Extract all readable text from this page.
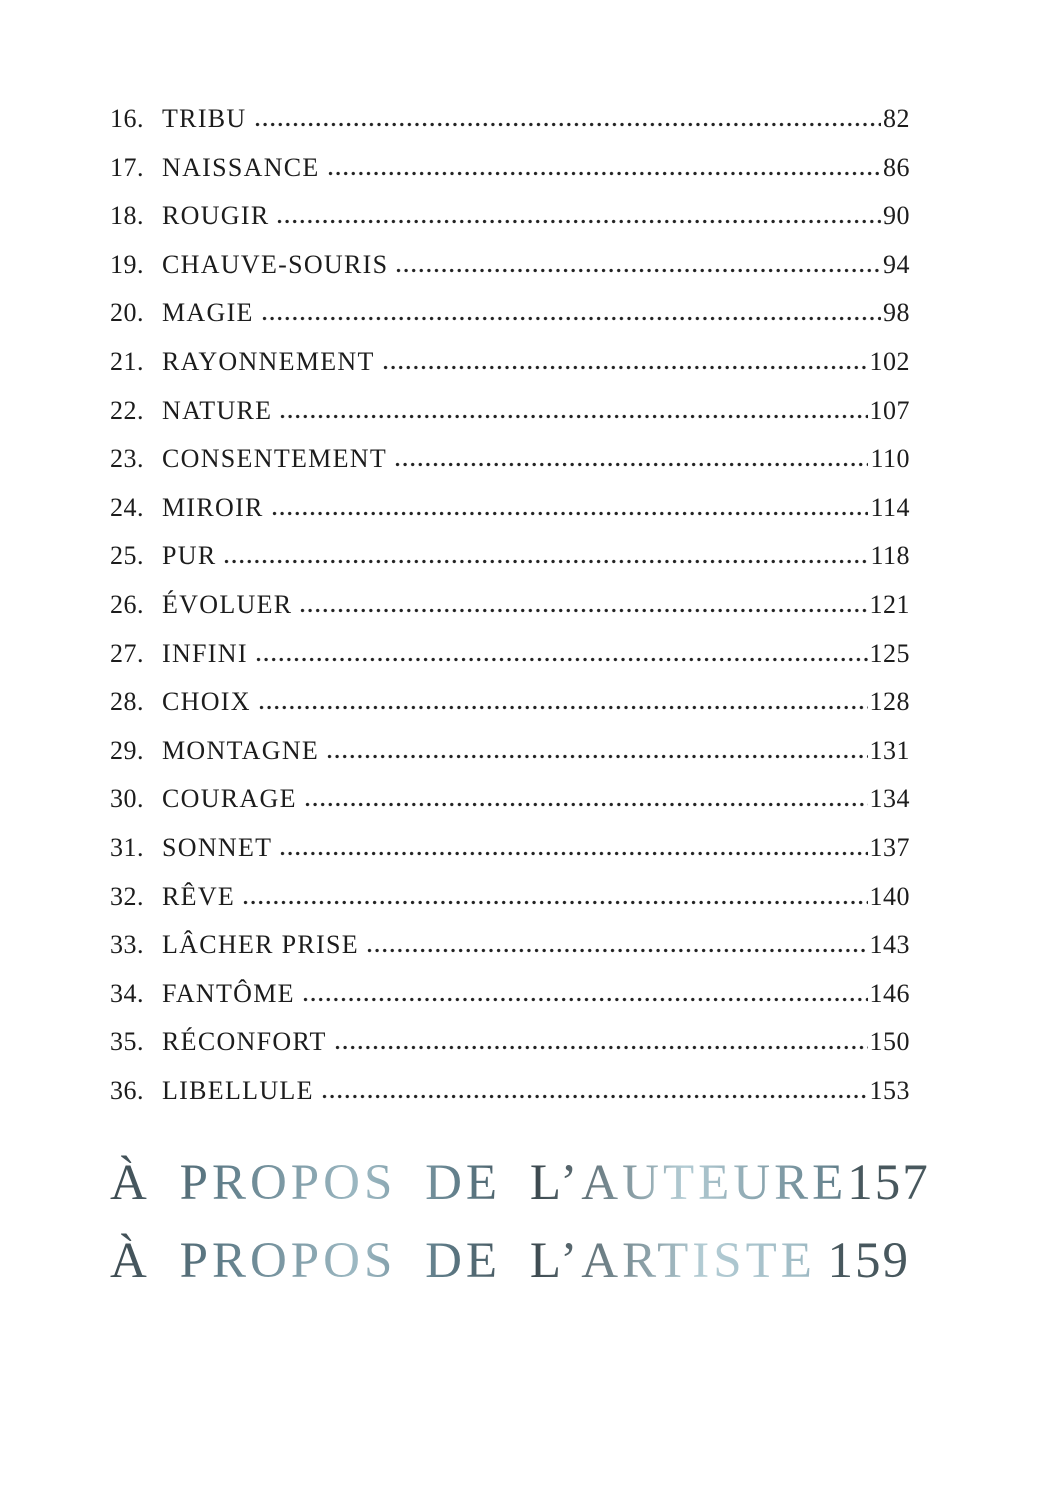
16. TRIBU	82
17. NAISSANCE	86
18. ROUGIR	90
19. CHAUVE-SOURIS	94
20. MAGIE	98
21. RAYONNEMENT	102
22. NATURE	107
23. CONSENTEMENT	110
24. MIROIR	114
25. PUR	118
26. ÉVOLUER	121
27. INFINI	125
28. CHOIX	128
29. MONTAGNE	131
30. COURAGE	134
31. SONNET	137
32. RÊVE	140
33. LÂCHER PRISE	143
34. FANTÔME	146
35. RÉCONFORT	150
36. LIBELLULE	153
À PROPOS DE L’AUTEURE 157
À PROPOS DE L’ARTISTE 159
